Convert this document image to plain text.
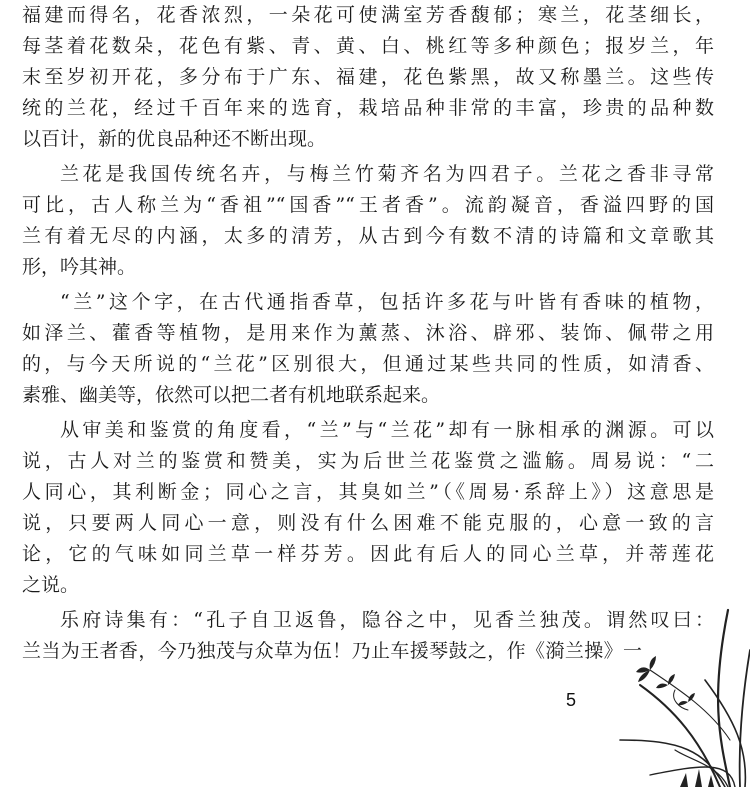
福建而得名，花香浓烈，一朵花可使满室芳香馥郁；寒兰，花茎细长，
每茎着花数朵，花色有紫、青、黄、白、桃红等多种颜色；报岁兰，年
末至岁初开花，多分布于广东、福建，花色紫黑，故又称墨兰。这些传
统的兰花，经过千百年来的选育，栽培品种非常的丰富，珍贵的品种数
以百计，新的优良品种还不断出现。
兰花是我国传统名卉，与梅兰竹菊齐名为四君子。兰花之香非寻常
可比，古人称兰为“香祖”“国香”“王者香”。流韵凝音，香溢四野的国
兰有着无尽的内涵，太多的清芳，从古到今有数不清的诗篇和文章歌其
形，吟其神。
“兰”这个字，在古代通指香草，包括许多花与叶皆有香味的植物，
如泽兰、藿香等植物，是用来作为薰蒸、沐浴、辟邪、装饰、佩带之用
的，与今天所说的“兰花”区别很大，但通过某些共同的性质，如清香、
素雅、幽美等，依然可以把二者有机地联系起来。
从审美和鉴赏的角度看，“兰”与“兰花”却有一脉相承的渊源。可以
说，古人对兰的鉴赏和赞美，实为后世兰花鉴赏之滥觞。周易说：“二
人同心，其利断金；同心之言，其臭如兰”（《周易·系辞上》）这意思是
说，只要两人同心一意，则没有什么困难不能克服的，心意一致的言
论，它的气味如同兰草一样芬芳。因此有后人的同心兰草，并蒂莲花
之说。
乐府诗集有：“孔子自卫返鲁，隐谷之中，见香兰独茂。谓然叹曰：
兰当为王者香，今乃独茂与众草为伍！乃止车援琴鼓之，作《漪兰操》一
5
